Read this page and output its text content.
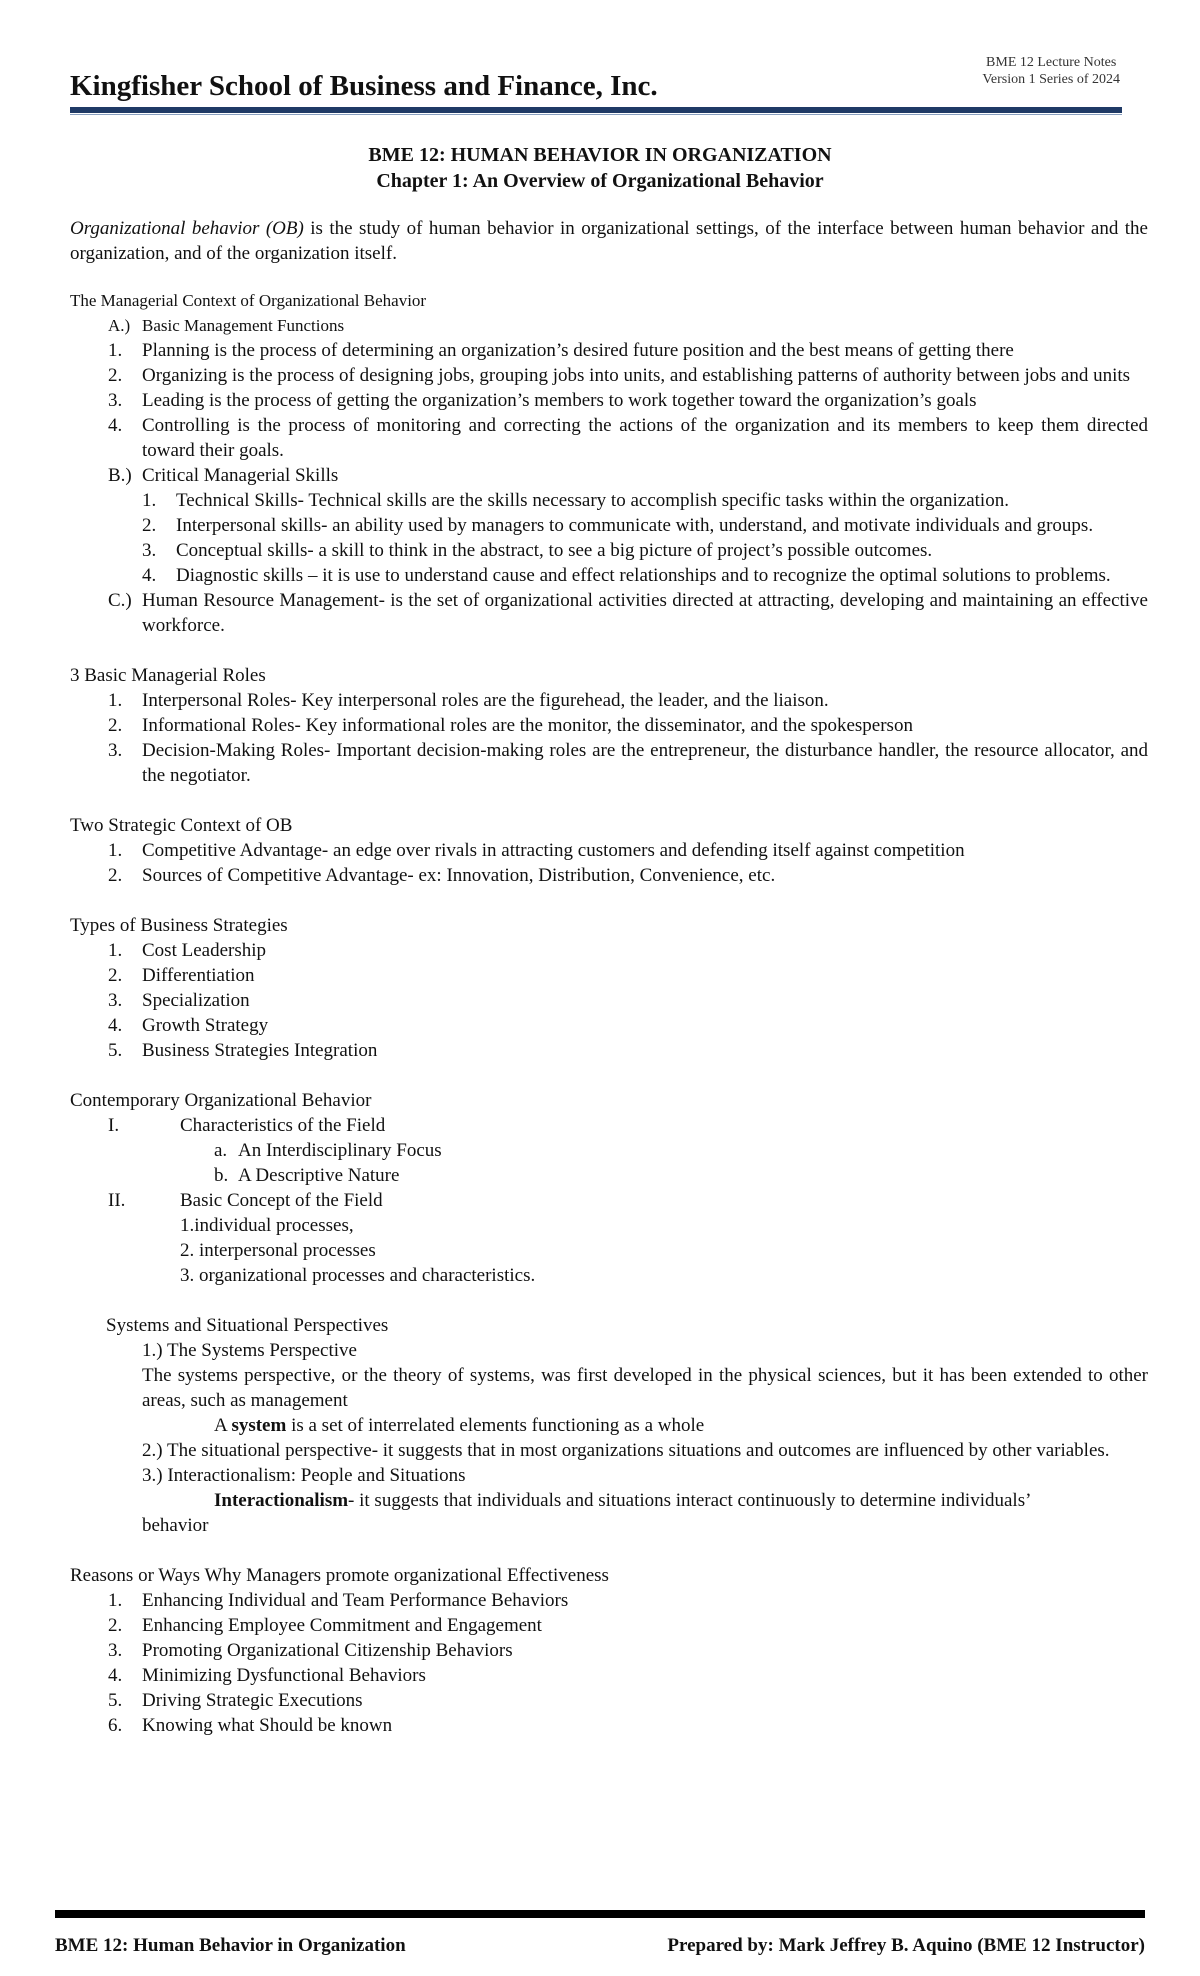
Kingfisher School of Business and Finance, Inc.
BME 12 Lecture Notes
Version 1 Series of 2024
BME 12: HUMAN BEHAVIOR IN ORGANIZATION
Chapter 1: An Overview of Organizational Behavior

Organizational behavior (OB) is the study of human behavior in organizational settings, of the interface between human behavior and the organization, and of the organization itself.

The Managerial Context of Organizational Behavior
A.) Basic Management Functions
1.	Planning is the process of determining an organization’s desired future position and the best means of getting there
2.	Organizing is the process of designing jobs, grouping jobs into units, and establishing patterns of authority between jobs and units
3.	Leading is the process of getting the organization’s members to work together toward the organization’s goals
4.	Controlling is the process of monitoring and correcting the actions of the organization and its members to keep them directed toward their goals.
B.) Critical Managerial Skills
1.	Technical Skills- Technical skills are the skills necessary to accomplish specific tasks within the organization.
2.	Interpersonal skills- an ability used by managers to communicate with, understand, and motivate individuals and groups.
3.	Conceptual skills- a skill to think in the abstract, to see a big picture of project’s possible outcomes.
4.	Diagnostic skills – it is use to understand cause and effect relationships and to recognize the optimal solutions to problems.
C.) Human Resource Management- is the set of organizational activities directed at attracting, developing and maintaining an effective workforce.
3 Basic Managerial Roles
1.	Interpersonal Roles- Key interpersonal roles are the figurehead, the leader, and the liaison.
2.	Informational Roles- Key informational roles are the monitor, the disseminator, and the spokesperson
3.	Decision-Making Roles- Important decision-making roles are the entrepreneur, the disturbance handler, the resource allocator, and the negotiator.
Two Strategic Context of OB
1.	Competitive Advantage- an edge over rivals in attracting customers and defending itself against competition
2.	Sources of Competitive Advantage- ex: Innovation, Distribution, Convenience, etc.
Types of Business Strategies
1.	Cost Leadership
2.	Differentiation
3.	Specialization
4.	Growth Strategy
5.	Business Strategies Integration
Contemporary Organizational Behavior
I.	Characteristics of the Field
a. An Interdisciplinary Focus
b. A Descriptive Nature
II.	Basic Concept of the Field
1.individual processes,
2. interpersonal processes
3. organizational processes and characteristics.
Systems and Situational Perspectives
1.) The Systems Perspective
The systems perspective, or the theory of systems, was first developed in the physical sciences, but it has been extended to other areas, such as management
A system is a set of interrelated elements functioning as a whole
2.) The situational perspective- it suggests that in most organizations situations and outcomes are influenced by other variables.
3.) Interactionalism: People and Situations
Interactionalism- it suggests that individuals and situations interact continuously to determine individuals’
behavior
Reasons or Ways Why Managers promote organizational Effectiveness
1.	Enhancing Individual and Team Performance Behaviors
2.	Enhancing Employee Commitment and Engagement
3.	Promoting Organizational Citizenship Behaviors
4.	Minimizing Dysfunctional Behaviors
5.	Driving Strategic Executions
6.	Knowing what Should be known
BME 12: Human Behavior in Organization	Prepared by: Mark Jeffrey B. Aquino (BME 12 Instructor)
